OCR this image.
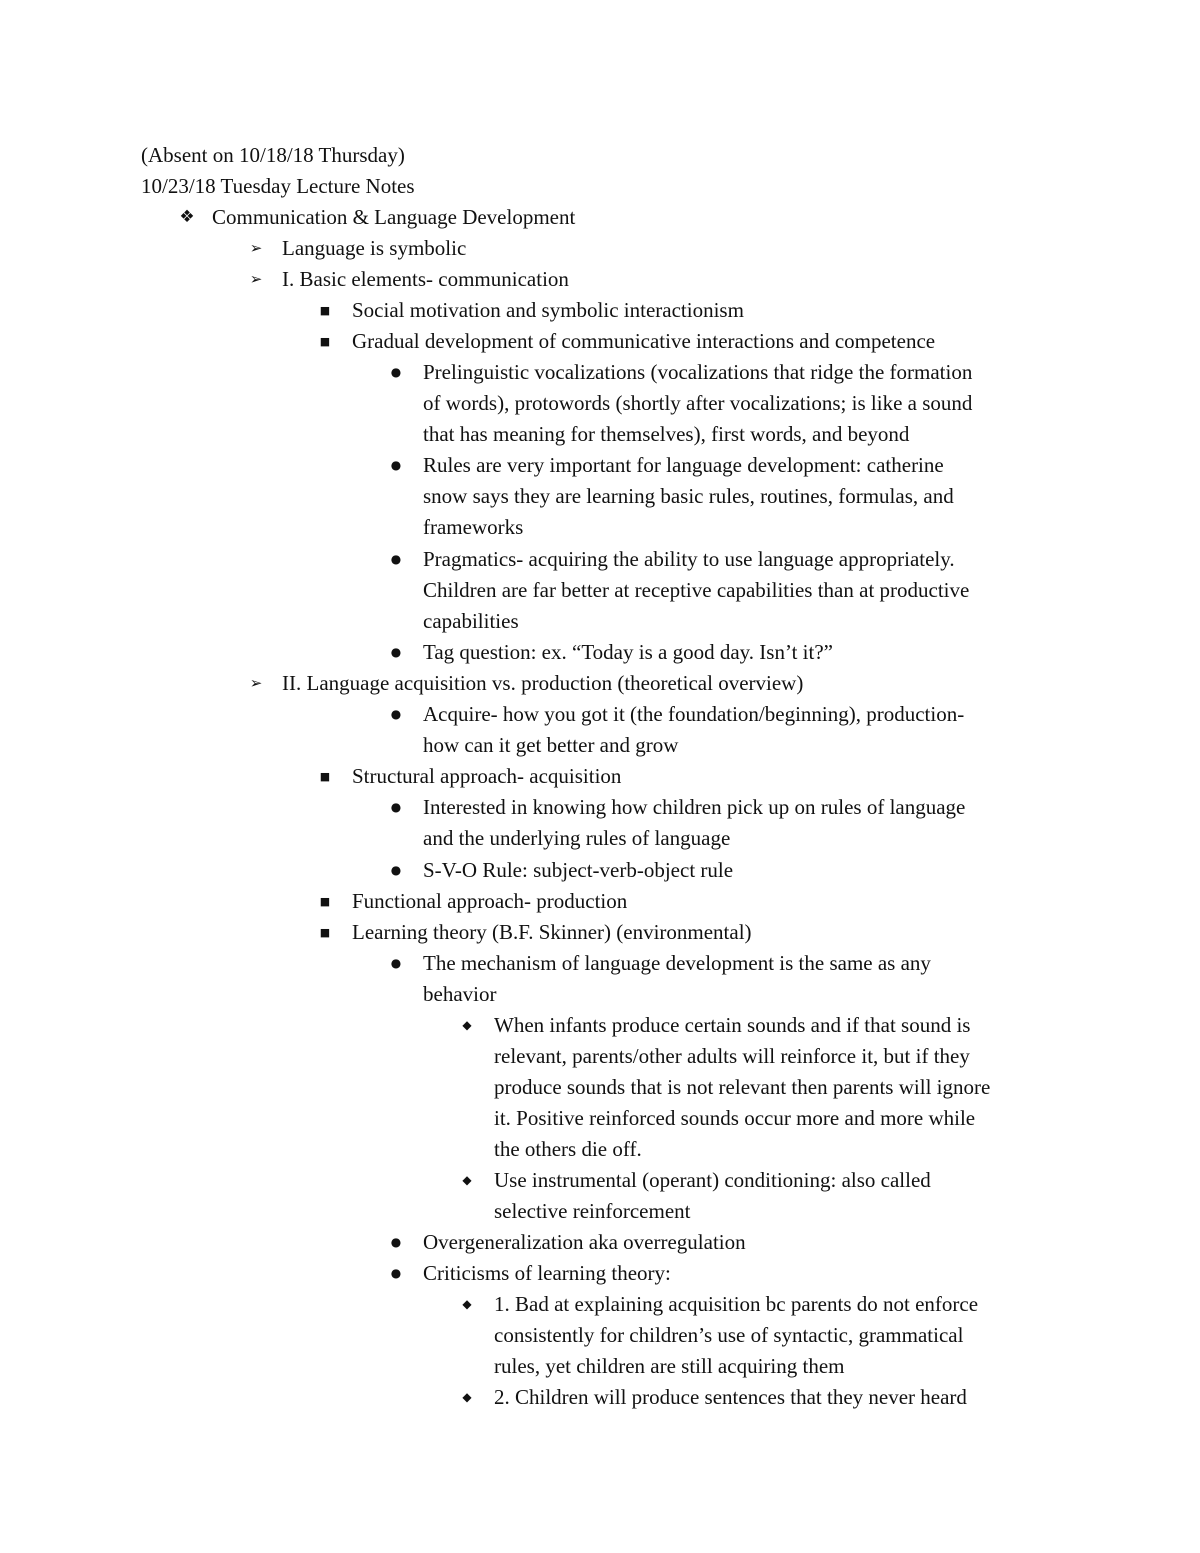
(Absent on 10/18/18 Thursday)
10/23/18 Tuesday Lecture Notes
❖ Communication & Language Development
➢ Language is symbolic
➢ I. Basic elements- communication
■ Social motivation and symbolic interactionism
■ Gradual development of communicative interactions and competence
● Prelinguistic vocalizations (vocalizations that ridge the formation
of words), protowords (shortly after vocalizations; is like a sound
that has meaning for themselves), first words, and beyond
● Rules are very important for language development: catherine
snow says they are learning basic rules, routines, formulas, and
frameworks
● Pragmatics- acquiring the ability to use language appropriately.
Children are far better at receptive capabilities than at productive
capabilities
● Tag question: ex. “Today is a good day. Isn’t it?”
➢ II. Language acquisition vs. production (theoretical overview)
● Acquire- how you got it (the foundation/beginning), production-
how can it get better and grow
■ Structural approach- acquisition
● Interested in knowing how children pick up on rules of language
and the underlying rules of language
● S-V-O Rule: subject-verb-object rule
■ Functional approach- production
■ Learning theory (B.F. Skinner) (environmental)
● The mechanism of language development is the same as any
behavior
◆ When infants produce certain sounds and if that sound is
relevant, parents/other adults will reinforce it, but if they
produce sounds that is not relevant then parents will ignore
it. Positive reinforced sounds occur more and more while
the others die off.
◆ Use instrumental (operant) conditioning: also called
selective reinforcement
● Overgeneralization aka overregulation
● Criticisms of learning theory:
◆ 1. Bad at explaining acquisition bc parents do not enforce
consistently for children’s use of syntactic, grammatical
rules, yet children are still acquiring them
◆ 2. Children will produce sentences that they never heard
